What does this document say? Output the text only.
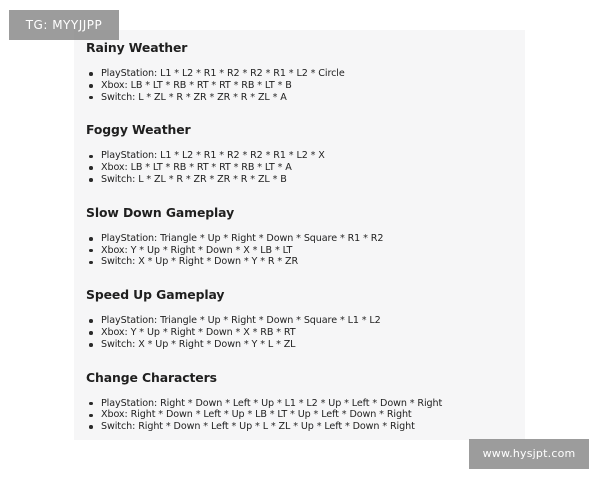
Rainy Weather
PlayStation: L1 * L2 * R1 * R2 * R2 * R1 * L2 * Circle
Xbox: LB * LT * RB * RT * RT * RB * LT * B
Switch: L * ZL * R * ZR * ZR * R * ZL * A
Foggy Weather
PlayStation: L1 * L2 * R1 * R2 * R2 * R1 * L2 * X
Xbox: LB * LT * RB * RT * RT * RB * LT * A
Switch: L * ZL * R * ZR * ZR * R * ZL * B
Slow Down Gameplay
PlayStation: Triangle * Up * Right * Down * Square * R1 * R2
Xbox: Y * Up * Right * Down * X * LB * LT
Switch: X * Up * Right * Down * Y * R * ZR
Speed Up Gameplay
PlayStation: Triangle * Up * Right * Down * Square * L1 * L2
Xbox: Y * Up * Right * Down * X * RB * RT
Switch: X * Up * Right * Down * Y * L * ZL
Change Characters
PlayStation: Right * Down * Left * Up * L1 * L2 * Up * Left * Down * Right
Xbox: Right * Down * Left * Up * LB * LT * Up * Left * Down * Right
Switch: Right * Down * Left * Up * L * ZL * Up * Left * Down * Right
TG: MYYJJPP
www.hysjpt.com
